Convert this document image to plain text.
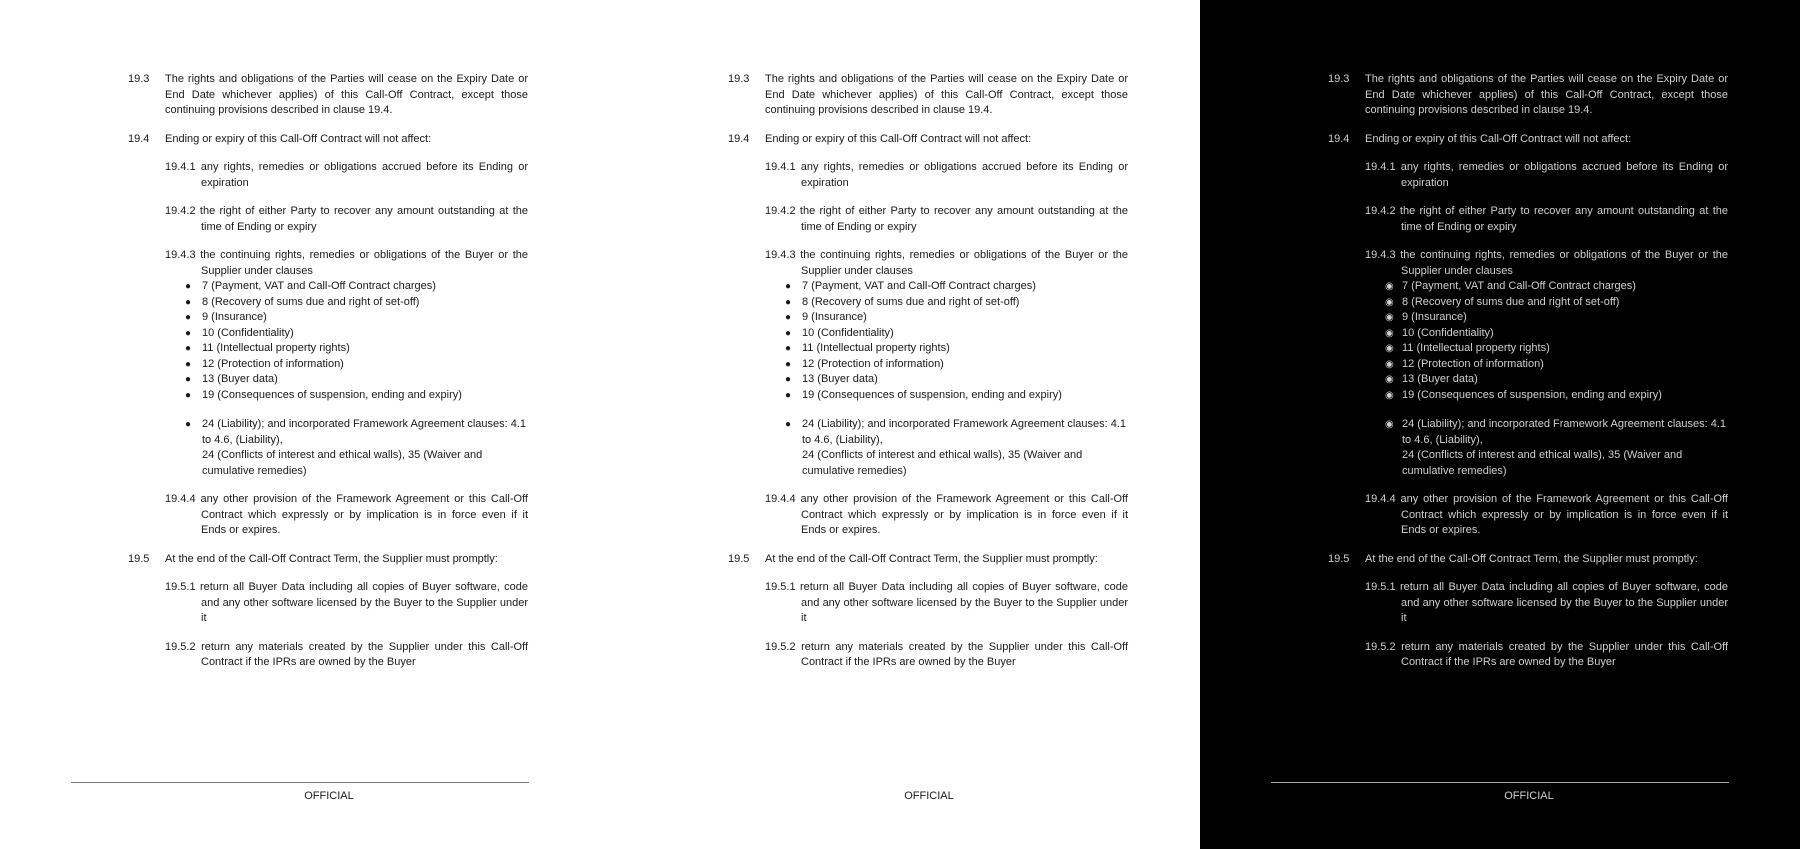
19.3 The rights and obligations of the Parties will cease on the Expiry Date or End Date whichever applies) of this Call-Off Contract, except those continuing provisions described in clause 19.4.
19.4 Ending or expiry of this Call-Off Contract will not affect:
19.4.1 any rights, remedies or obligations accrued before its Ending or expiration
19.4.2 the right of either Party to recover any amount outstanding at the time of Ending or expiry
19.4.3 the continuing rights, remedies or obligations of the Buyer or the Supplier under clauses
● 7 (Payment, VAT and Call-Off Contract charges)
● 8 (Recovery of sums due and right of set-off)
● 9 (Insurance)
● 10 (Confidentiality)
● 11 (Intellectual property rights)
● 12 (Protection of information)
● 13 (Buyer data)
● 19 (Consequences of suspension, ending and expiry)
● 24 (Liability); and incorporated Framework Agreement clauses: 4.1 to 4.6, (Liability),
24 (Conflicts of interest and ethical walls), 35 (Waiver and cumulative remedies)
19.4.4 any other provision of the Framework Agreement or this Call-Off Contract which expressly or by implication is in force even if it Ends or expires.
19.5 At the end of the Call-Off Contract Term, the Supplier must promptly:
19.5.1 return all Buyer Data including all copies of Buyer software, code and any other software licensed by the Buyer to the Supplier under it
19.5.2 return any materials created by the Supplier under this Call-Off Contract if the IPRs are owned by the Buyer
OFFICIAL
19.3 The rights and obligations of the Parties will cease on the Expiry Date or End Date whichever applies) of this Call-Off Contract, except those continuing provisions described in clause 19.4.
19.4 Ending or expiry of this Call-Off Contract will not affect:
19.4.1 any rights, remedies or obligations accrued before its Ending or expiration
19.4.2 the right of either Party to recover any amount outstanding at the time of Ending or expiry
19.4.3 the continuing rights, remedies or obligations of the Buyer or the Supplier under clauses
● 7 (Payment, VAT and Call-Off Contract charges)
● 8 (Recovery of sums due and right of set-off)
● 9 (Insurance)
● 10 (Confidentiality)
● 11 (Intellectual property rights)
● 12 (Protection of information)
● 13 (Buyer data)
● 19 (Consequences of suspension, ending and expiry)
● 24 (Liability); and incorporated Framework Agreement clauses: 4.1 to 4.6, (Liability),
24 (Conflicts of interest and ethical walls), 35 (Waiver and cumulative remedies)
19.4.4 any other provision of the Framework Agreement or this Call-Off Contract which expressly or by implication is in force even if it Ends or expires.
19.5 At the end of the Call-Off Contract Term, the Supplier must promptly:
19.5.1 return all Buyer Data including all copies of Buyer software, code and any other software licensed by the Buyer to the Supplier under it
19.5.2 return any materials created by the Supplier under this Call-Off Contract if the IPRs are owned by the Buyer
OFFICIAL
19.3 The rights and obligations of the Parties will cease on the Expiry Date or End Date whichever applies) of this Call-Off Contract, except those continuing provisions described in clause 19.4.
19.4 Ending or expiry of this Call-Off Contract will not affect:
19.4.1 any rights, remedies or obligations accrued before its Ending or expiration
19.4.2 the right of either Party to recover any amount outstanding at the time of Ending or expiry
19.4.3 the continuing rights, remedies or obligations of the Buyer or the Supplier under clauses
◉ 7 (Payment, VAT and Call-Off Contract charges)
◉ 8 (Recovery of sums due and right of set-off)
◉ 9 (Insurance)
◉ 10 (Confidentiality)
◉ 11 (Intellectual property rights)
◉ 12 (Protection of information)
◉ 13 (Buyer data)
◉ 19 (Consequences of suspension, ending and expiry)
◉ 24 (Liability); and incorporated Framework Agreement clauses: 4.1 to 4.6, (Liability),
24 (Conflicts of interest and ethical walls), 35 (Waiver and cumulative remedies)
19.4.4 any other provision of the Framework Agreement or this Call-Off Contract which expressly or by implication is in force even if it Ends or expires.
19.5 At the end of the Call-Off Contract Term, the Supplier must promptly:
19.5.1 return all Buyer Data including all copies of Buyer software, code and any other software licensed by the Buyer to the Supplier under it
19.5.2 return any materials created by the Supplier under this Call-Off Contract if the IPRs are owned by the Buyer
OFFICIAL
